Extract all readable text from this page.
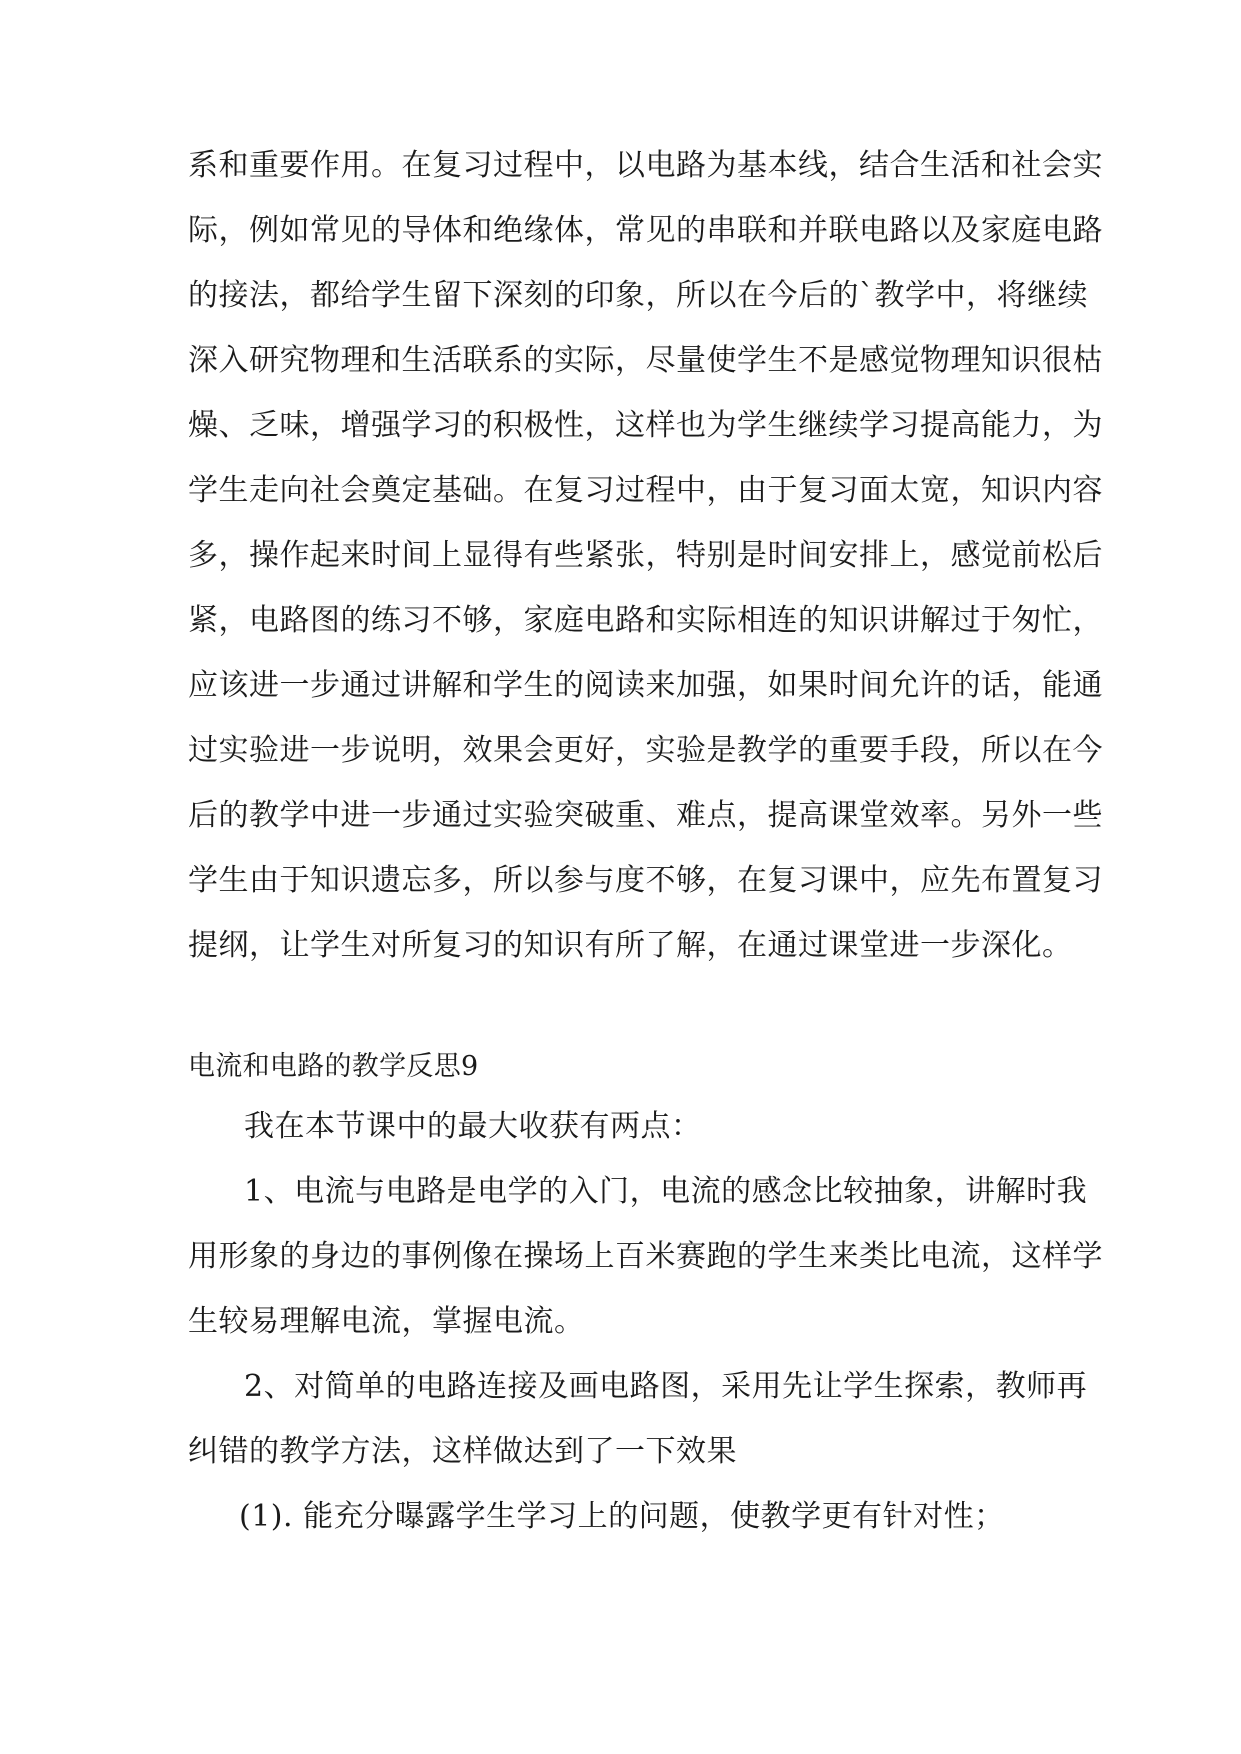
系和重要作用。在复习过程中，以电路为基本线，结合生活和社会实
际，例如常见的导体和绝缘体，常见的串联和并联电路以及家庭电路
的接法，都给学生留下深刻的印象，所以在今后的`教学中，将继续
深入研究物理和生活联系的实际，尽量使学生不是感觉物理知识很枯
燥、乏味，增强学习的积极性，这样也为学生继续学习提高能力，为
学生走向社会奠定基础。在复习过程中，由于复习面太宽，知识内容
多，操作起来时间上显得有些紧张，特别是时间安排上，感觉前松后
紧，电路图的练习不够，家庭电路和实际相连的知识讲解过于匆忙，
应该进一步通过讲解和学生的阅读来加强，如果时间允许的话，能通
过实验进一步说明，效果会更好，实验是教学的重要手段，所以在今
后的教学中进一步通过实验突破重、难点，提高课堂效率。另外一些
学生由于知识遗忘多，所以参与度不够，在复习课中，应先布置复习
提纲，让学生对所复习的知识有所了解，在通过课堂进一步深化。
电流和电路的教学反思9
我在本节课中的最大收获有两点：
1、电流与电路是电学的入门，电流的感念比较抽象，讲解时我
用形象的身边的事例像在操场上百米赛跑的学生来类比电流，这样学
生较易理解电流，掌握电流。
2、对简单的电路连接及画电路图，采用先让学生探索，教师再
纠错的教学方法，这样做达到了一下效果
(1). 能充分曝露学生学习上的问题，使教学更有针对性；
